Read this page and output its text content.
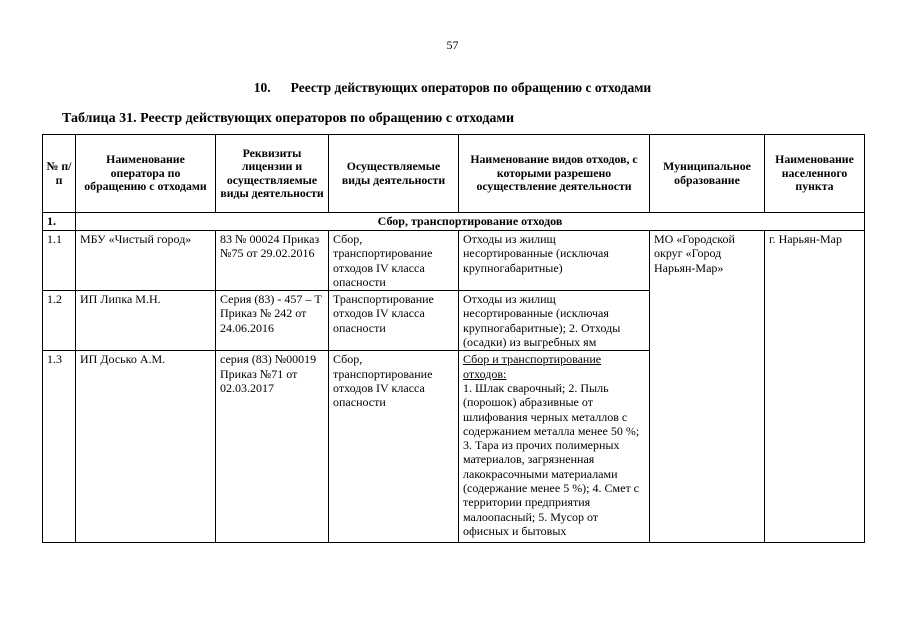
57
10. Реестр действующих операторов по обращению с отходами
Таблица 31. Реестр действующих операторов по обращению с отходами
№ п/п	Наименование оператора по обращению с отходами	Реквизиты лицензии и осуществляемые виды деятельности	Осуществляемые виды деятельности	Наименование видов отходов, с которыми разрешено осуществление деятельности	Муниципальное образование	Наименование населенного пункта
1.	Сбор, транспортирование отходов					
1.1	МБУ «Чистый город»	83 № 00024 Приказ №75 от 29.02.2016	Сбор, транспортирование отходов IV класса опасности	Отходы из жилищ несортированные (исключая крупногабаритные)	МО «Городской округ «Город Нарьян-Мар»	г. Нарьян-Мар
1.2	ИП Липка М.Н.	Серия (83) - 457 – Т Приказ № 242 от 24.06.2016	Транспортирование отходов IV класса опасности	Отходы из жилищ несортированные (исключая крупногабаритные); 2. Отходы (осадки) из выгребных ям		
1.3	ИП Досько А.М.	серия (83) №00019 Приказ №71 от 02.03.2017	Сбор, транспортирование отходов IV класса опасности	Сбор и транспортирование отходов:
1. Шлак сварочный; 2. Пыль (порошок) абразивные от шлифования черных металлов с содержанием металла менее 50 %; 3. Тара из прочих полимерных материалов, загрязненная лакокрасочными материалами (содержание менее 5 %); 4. Смет с территории предприятия малоопасный; 5. Мусор от офисных и бытовых		
